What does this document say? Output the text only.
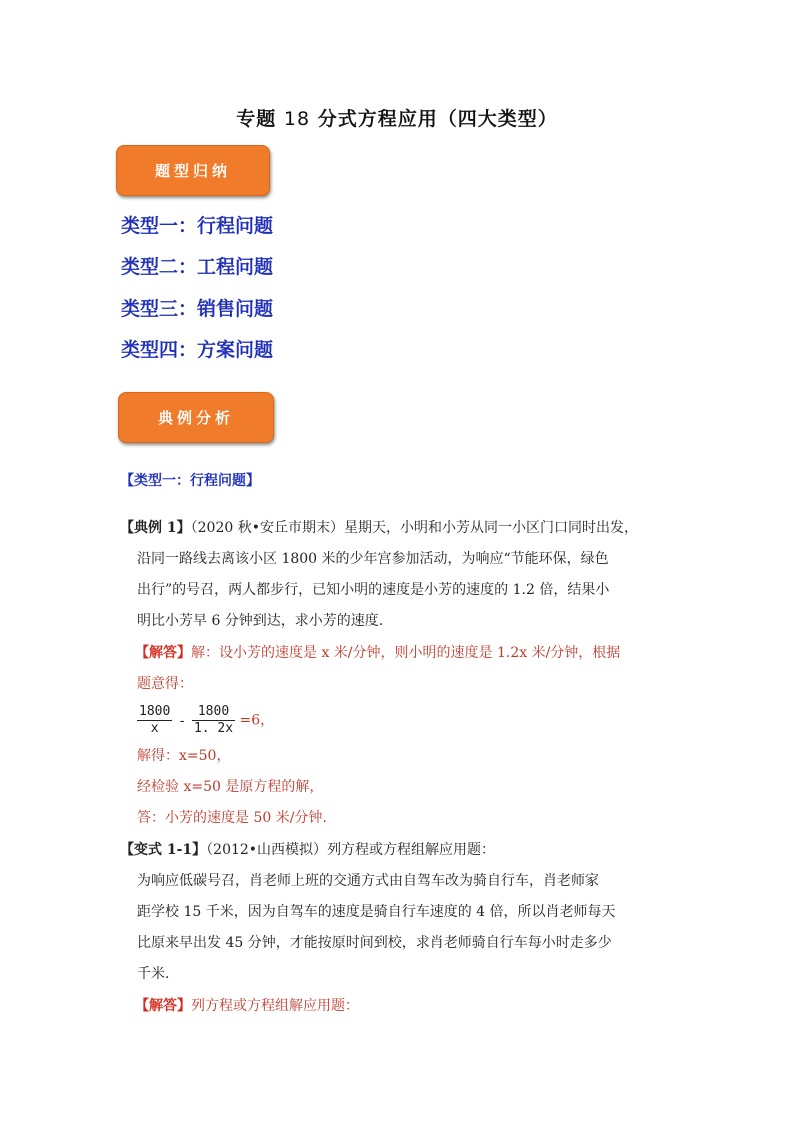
专题 18 分式方程应用（四大类型）
题型归纳
类型一：行程问题
类型二：工程问题
类型三：销售问题
类型四：方案问题
典例分析
【类型一：行程问题】
【典例 1】（2020 秋•安丘市期末）星期天，小明和小芳从同一小区门口同时出发，
沿同一路线去离该小区 1800 米的少年宫参加活动，为响应“节能环保，绿色
出行”的号召，两人都步行，已知小明的速度是小芳的速度的 1.2 倍，结果小
明比小芳早 6 分钟到达，求小芳的速度.
【解答】解：设小芳的速度是 x 米/分钟，则小明的速度是 1.2x 米/分钟，根据
题意得：
$\frac{1800}{x} - \frac{1800}{1. 2x} =6$，
解得：x=50，
经检验 x=50 是原方程的解，
答：小芳的速度是 50 米/分钟.
【变式 1-1】（2012•山西模拟）列方程或方程组解应用题：
为响应低碳号召，肖老师上班的交通方式由自驾车改为骑自行车，肖老师家
距学校 15 千米，因为自驾车的速度是骑自行车速度的 4 倍，所以肖老师每天
比原来早出发 45 分钟，才能按原时间到校，求肖老师骑自行车每小时走多少
千米.
【解答】列方程或方程组解应用题：
